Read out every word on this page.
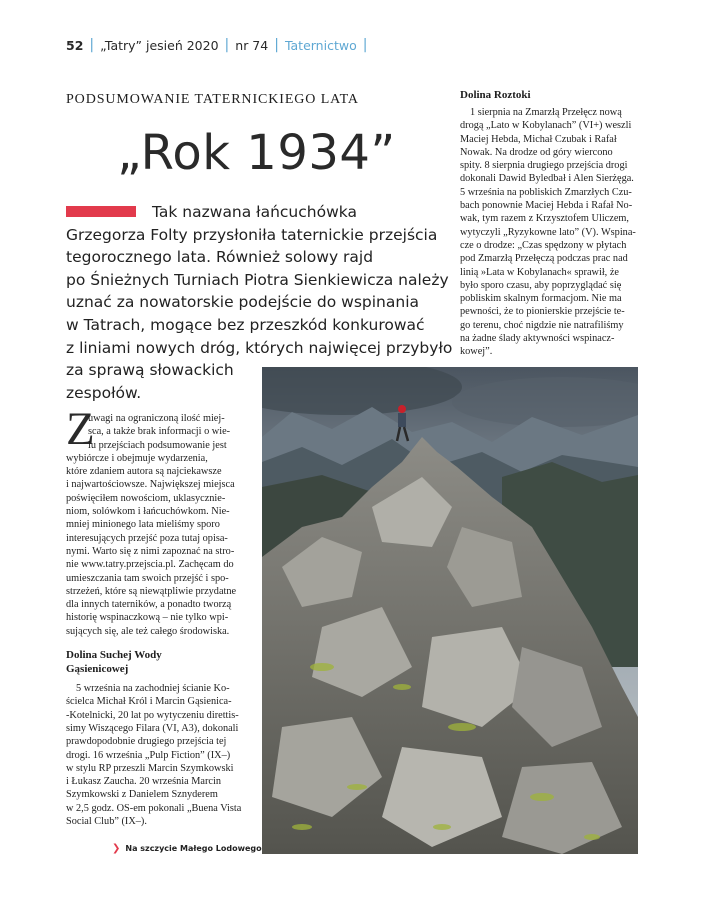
52 | „Tatry” jesień 2020 | nr 74 | Taternictwo |
PODSUMOWANIE TATERNICKIEGO LATA
„Rok 1934”
Tak nazwana łańcuchówka
Grzegorza Folty przysłoniła taternickie przejścia
tegorocznego lata. Również solowy rajd
po Śnieżnych Turniach Piotra Sienkiewicza należy
uznać za nowatorskie podejście do wspinania
w Tatrach, mogące bez przeszkód konkurować
z liniami nowych dróg, których najwięcej przybyło
za sprawą słowackich
zespołów.
❯ Na szczycie Małego Lodowego
Z
uwagi na ograniczoną ilość miej-
sca, a także brak informacji o wie-
lu przejściach podsumowanie jest
wybiórcze i obejmuje wydarzenia,
które zdaniem autora są najciekawsze
i najwartościowsze. Największej miejsca
poświęciłem nowościom, uklasycznie-
niom, solówkom i łańcuchówkom. Nie-
mniej minionego lata mieliśmy sporo
interesujących przejść poza tutaj opisa-
nymi. Warto się z nimi zapoznać na stro-
nie www.tatry.przejscia.pl. Zachęcam do
umieszczania tam swoich przejść i spo-
strzeżeń, które są niewątpliwie przydatne
dla innych taterników, a ponadto tworzą
historię wspinaczkową – nie tylko wpi-
sujących się, ale też całego środowiska.
Dolina Suchej Wody
Gąsienicowej
5 września na zachodniej ścianie Ko-
ścielca Michał Król i Marcin Gąsienica-
-Kotelnicki, 20 lat po wytyczeniu direttis-
simy Wiszącego Filara (VI, A3), dokonali
prawdopodobnie drugiego przejścia tej
drogi. 16 września „Pulp Fiction” (IX–)
w stylu RP przeszli Marcin Szymkowski
i Łukasz Zaucha. 20 września Marcin
Szymkowski z Danielem Sznyderem
w 2,5 godz. OS-em pokonali „Buena Vista
Social Club” (IX–).
Dolina Roztoki
1 sierpnia na Zmarzłą Przełęcz nową
drogą „Lato w Kobylanach” (VI+) weszli
Maciej Hebda, Michał Czubak i Rafał
Nowak. Na drodze od góry wiercono
spity. 8 sierpnia drugiego przejścia drogi
dokonali Dawid Byledbał i Alen Sierżęga.
5 września na pobliskich Zmarzłych Czu-
bach ponownie Maciej Hebda i Rafał No-
wak, tym razem z Krzysztofem Uliczem,
wytyczyli „Ryzykowne lato” (V). Wspina-
cze o drodze: „Czas spędzony w płytach
pod Zmarzłą Przełęczą podczas prac nad
linią »Lata w Kobylanach« sprawił, że
było sporo czasu, aby poprzyglądać się
pobliskim skalnym formacjom. Nie ma
pewności, że to pionierskie przejście te-
go terenu, choć nigdzie nie natrafiliśmy
na żadne ślady aktywności wspinacz-
kowej”.
